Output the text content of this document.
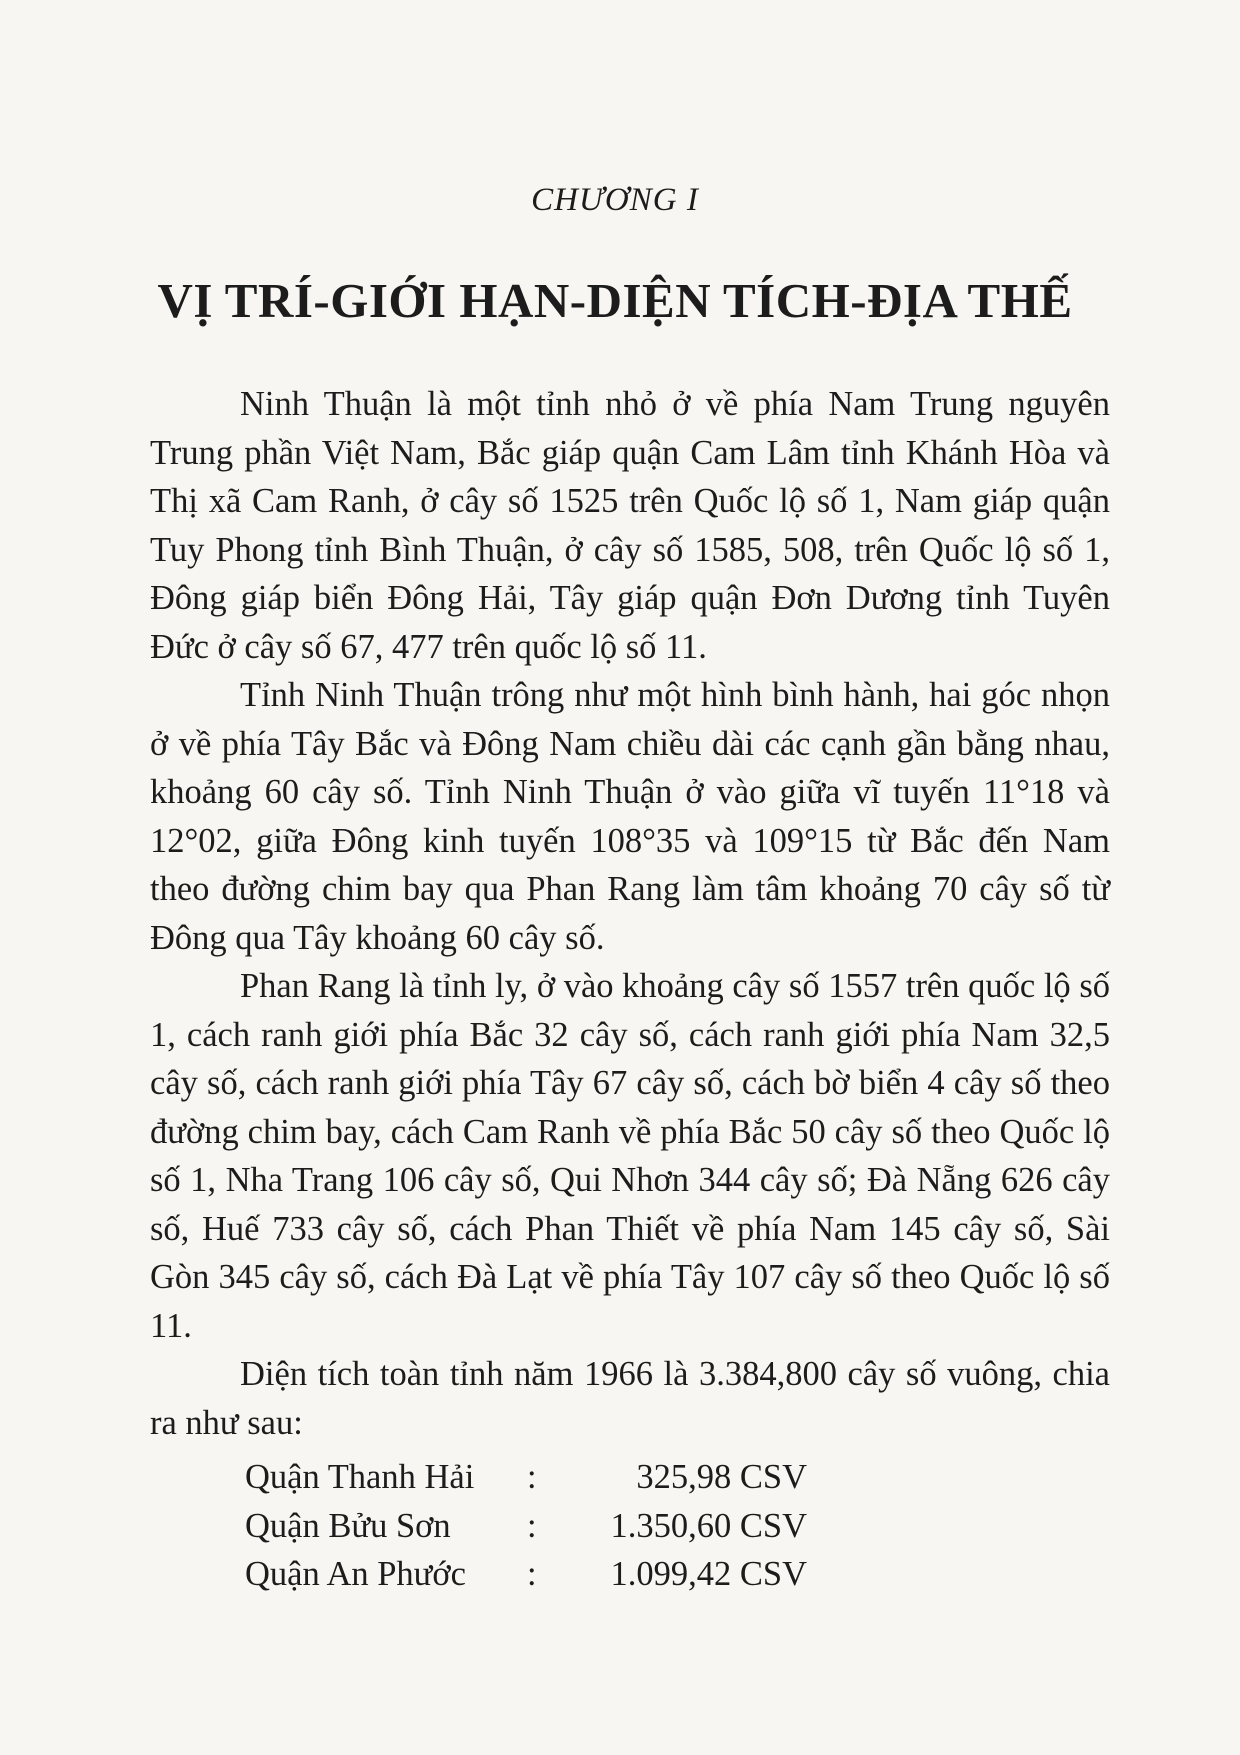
CHƯƠNG I
VỊ TRÍ-GIỚI HẠN-DIỆN TÍCH-ĐỊA THẾ

Ninh Thuận là một tỉnh nhỏ ở về phía Nam Trung nguyên Trung phần Việt Nam, Bắc giáp quận Cam Lâm tỉnh Khánh Hòa và Thị xã Cam Ranh, ở cây số 1525 trên Quốc lộ số 1, Nam giáp quận Tuy Phong tỉnh Bình Thuận, ở cây số 1585, 508, trên Quốc lộ số 1, Đông giáp biển Đông Hải, Tây giáp quận Đơn Dương tỉnh Tuyên Đức ở cây số 67, 477 trên quốc lộ số 11.

Tỉnh Ninh Thuận trông như một hình bình hành, hai góc nhọn ở về phía Tây Bắc và Đông Nam chiều dài các cạnh gần bằng nhau, khoảng 60 cây số. Tỉnh Ninh Thuận ở vào giữa vĩ tuyến 11°18 và 12°02, giữa Đông kinh tuyến 108°35 và 109°15 từ Bắc đến Nam theo đường chim bay qua Phan Rang làm tâm khoảng 70 cây số từ Đông qua Tây khoảng 60 cây số.

Phan Rang là tỉnh ly, ở vào khoảng cây số 1557 trên quốc lộ số 1, cách ranh giới phía Bắc 32 cây số, cách ranh giới phía Nam 32,5 cây số, cách ranh giới phía Tây 67 cây số, cách bờ biển 4 cây số theo đường chim bay, cách Cam Ranh về phía Bắc 50 cây số theo Quốc lộ số 1, Nha Trang 106 cây số, Qui Nhơn 344 cây số; Đà Nẵng 626 cây số, Huế 733 cây số, cách Phan Thiết về phía Nam 145 cây số, Sài Gòn 345 cây số, cách Đà Lạt về phía Tây 107 cây số theo Quốc lộ số 11.

Diện tích toàn tỉnh năm 1966 là 3.384,800 cây số vuông, chia ra như sau:

Quận Thanh Hải	:	325,98 CSV
Quận Bửu Sơn	:	1.350,60 CSV
Quận An Phước	:	1.099,42 CSV
